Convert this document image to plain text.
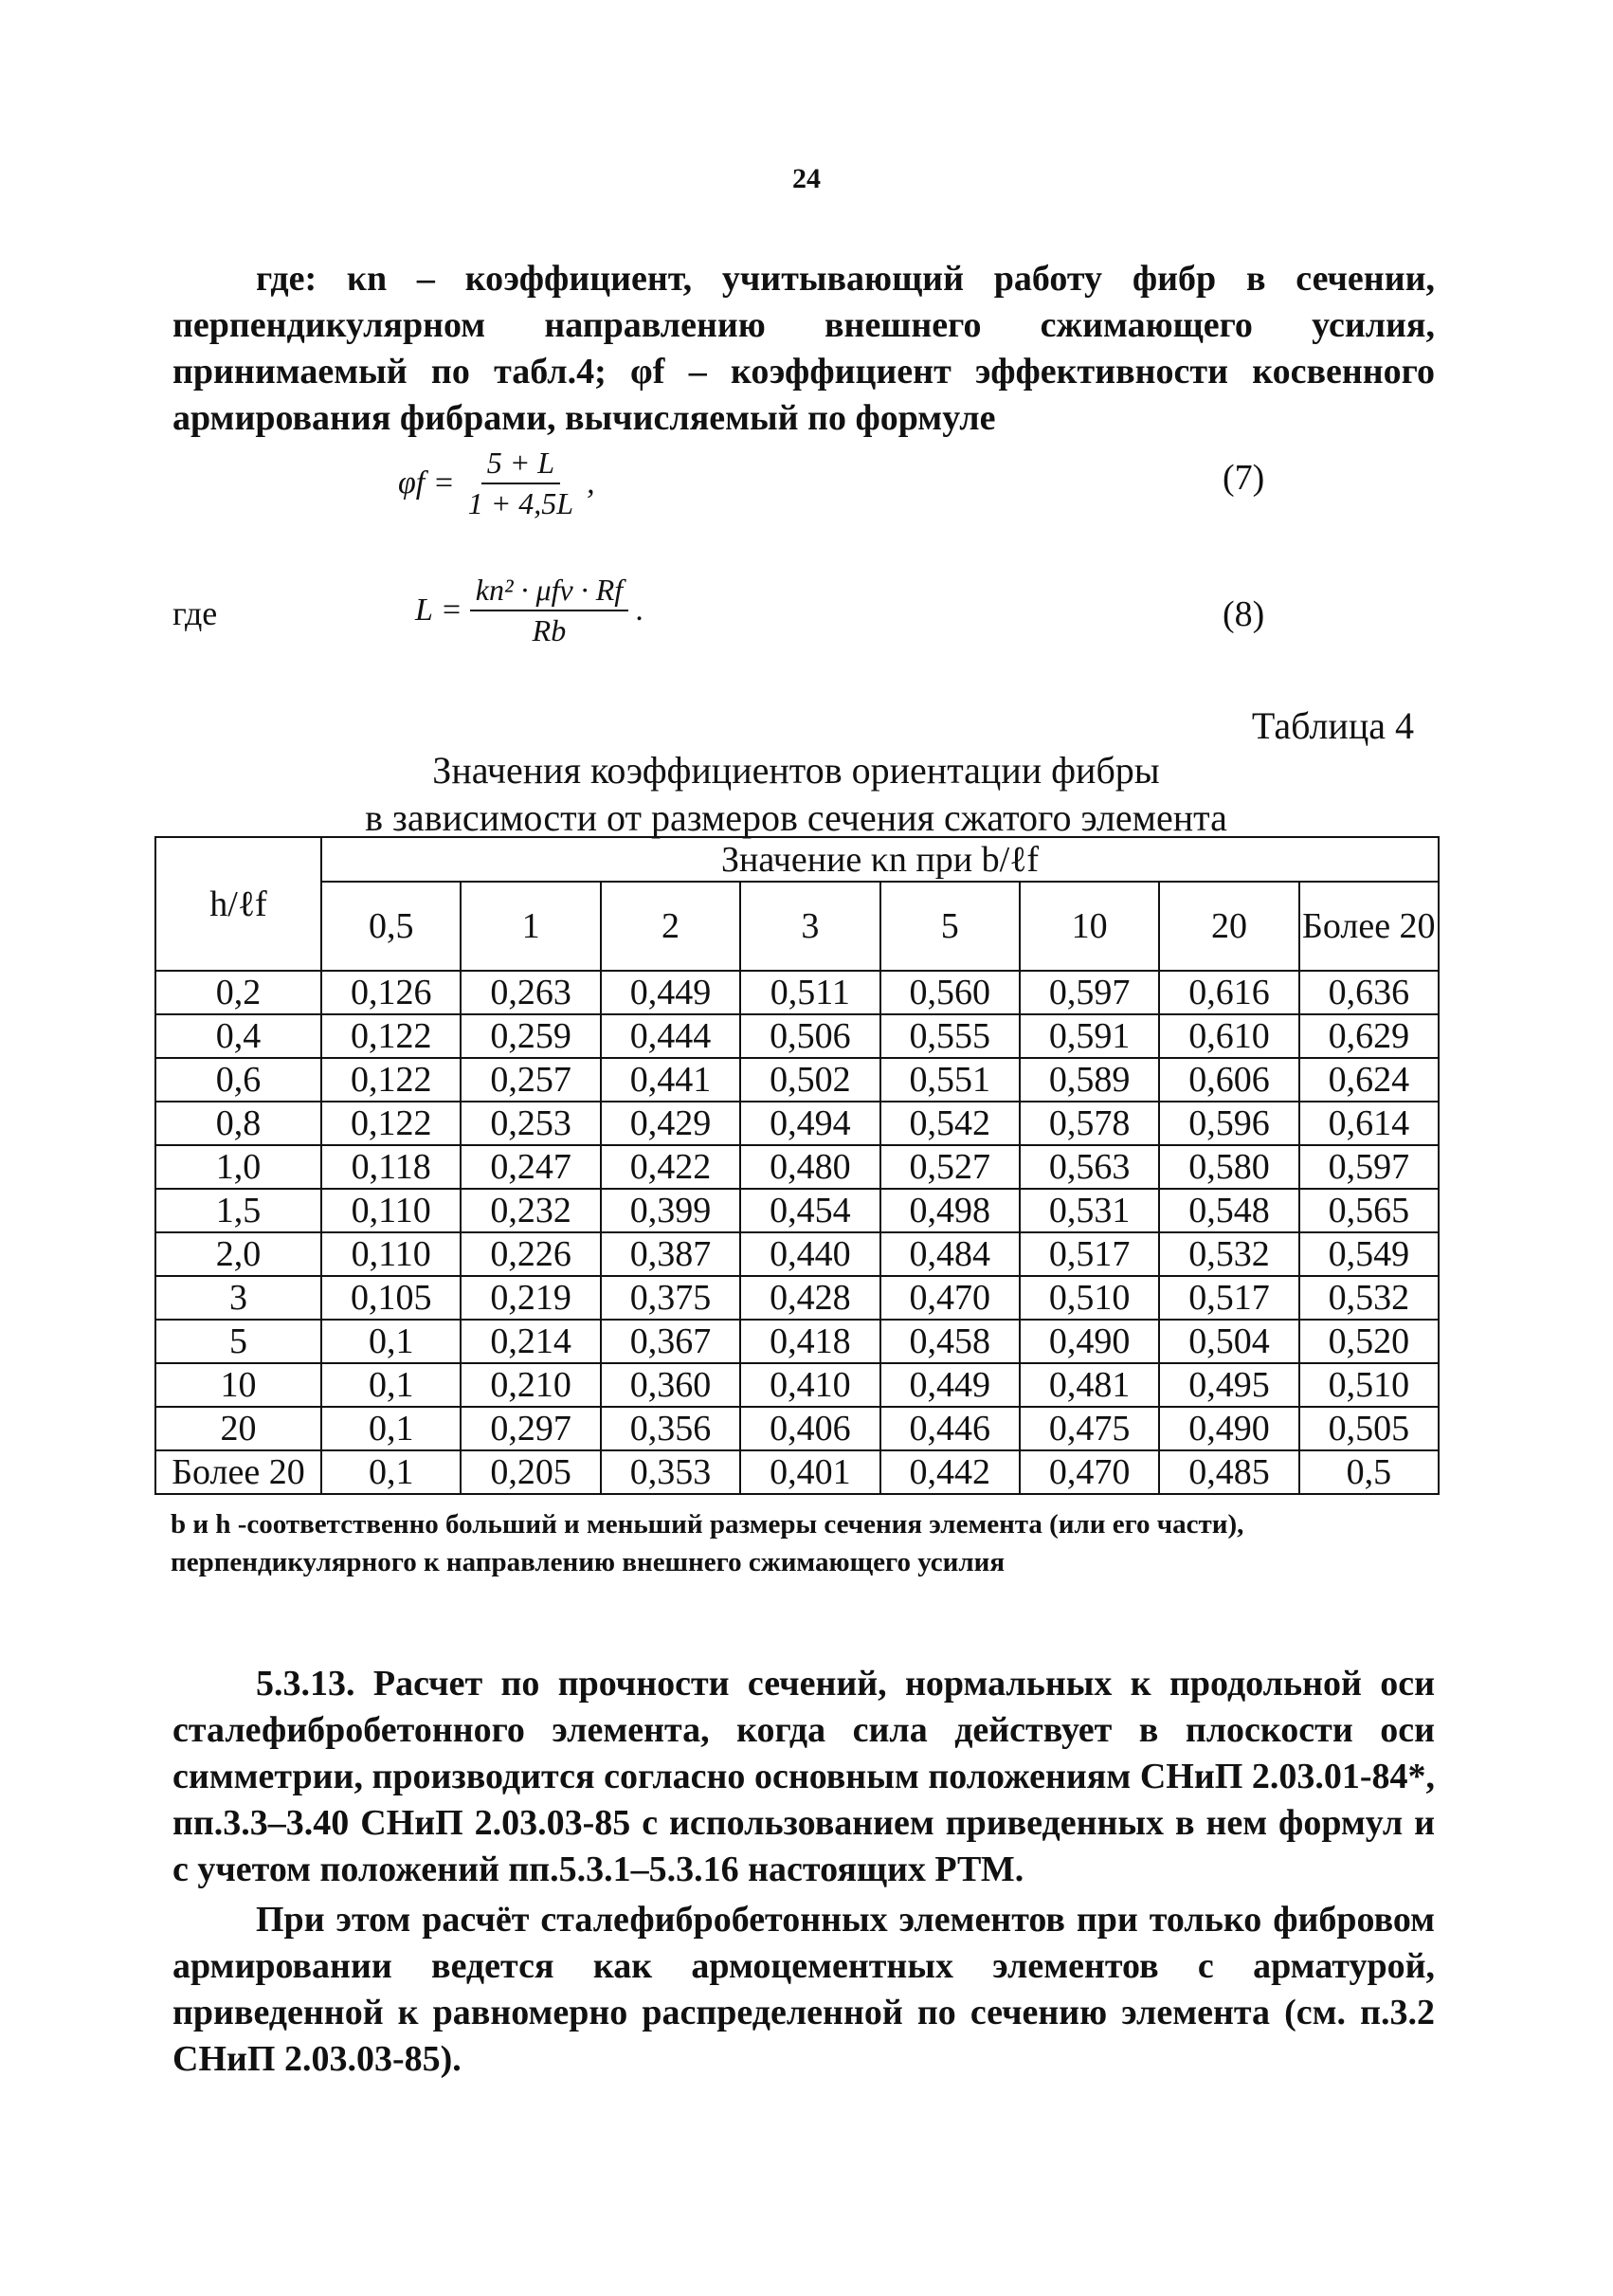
24

где: κn – коэффициент, учитывающий работу фибр в сечении, перпендикулярном направлению внешнего сжимающего усилия, принимаемый по табл.4; φf – коэффициент эффективности косвенного армирования фибрами, вычисляемый по формуле

$\varphi f = \frac{5 + L}{1 + 4,5L}$ ,	(7)
где	$L = \frac{\text{kn² · μfv · Rf}}{Rb}$ .	(8)
Таблица 4
Значения коэффициентов ориентации фибры
в зависимости от размеров сечения сжатого элемента
h/ℓf	Значение κn при b/ℓf							
	0,5	1	2	3	5	10	20	Более 20
0,2	0,126	0,263	0,449	0,511	0,560	0,597	0,616	0,636
0,4	0,122	0,259	0,444	0,506	0,555	0,591	0,610	0,629
0,6	0,122	0,257	0,441	0,502	0,551	0,589	0,606	0,624
0,8	0,122	0,253	0,429	0,494	0,542	0,578	0,596	0,614
1,0	0,118	0,247	0,422	0,480	0,527	0,563	0,580	0,597
1,5	0,110	0,232	0,399	0,454	0,498	0,531	0,548	0,565
2,0	0,110	0,226	0,387	0,440	0,484	0,517	0,532	0,549
3	0,105	0,219	0,375	0,428	0,470	0,510	0,517	0,532
5	0,1	0,214	0,367	0,418	0,458	0,490	0,504	0,520
10	0,1	0,210	0,360	0,410	0,449	0,481	0,495	0,510
20	0,1	0,297	0,356	0,406	0,446	0,475	0,490	0,505
Более 20	0,1	0,205	0,353	0,401	0,442	0,470	0,485	0,5
b и h -соответственно больший и меньший размеры сечения элемента (или его части), перпендикулярного к направлению внешнего сжимающего усилия

5.3.13. Расчет по прочности сечений, нормальных к продольной оси сталефибробетонного элемента, когда сила действует в плоскости оси симметрии, производится согласно основным положениям СНиП 2.03.01-84*, пп.3.3–3.40 СНиП 2.03.03-85 с использованием приведенных в нем формул и с учетом положений пп.5.3.1–5.3.16 настоящих РТМ.

При этом расчёт сталефибробетонных элементов при только фибровом армировании ведется как армоцементных элементов с арматурой, приведенной к равномерно распределенной по сечению элемента (см. п.3.2 СНиП 2.03.03-85).
